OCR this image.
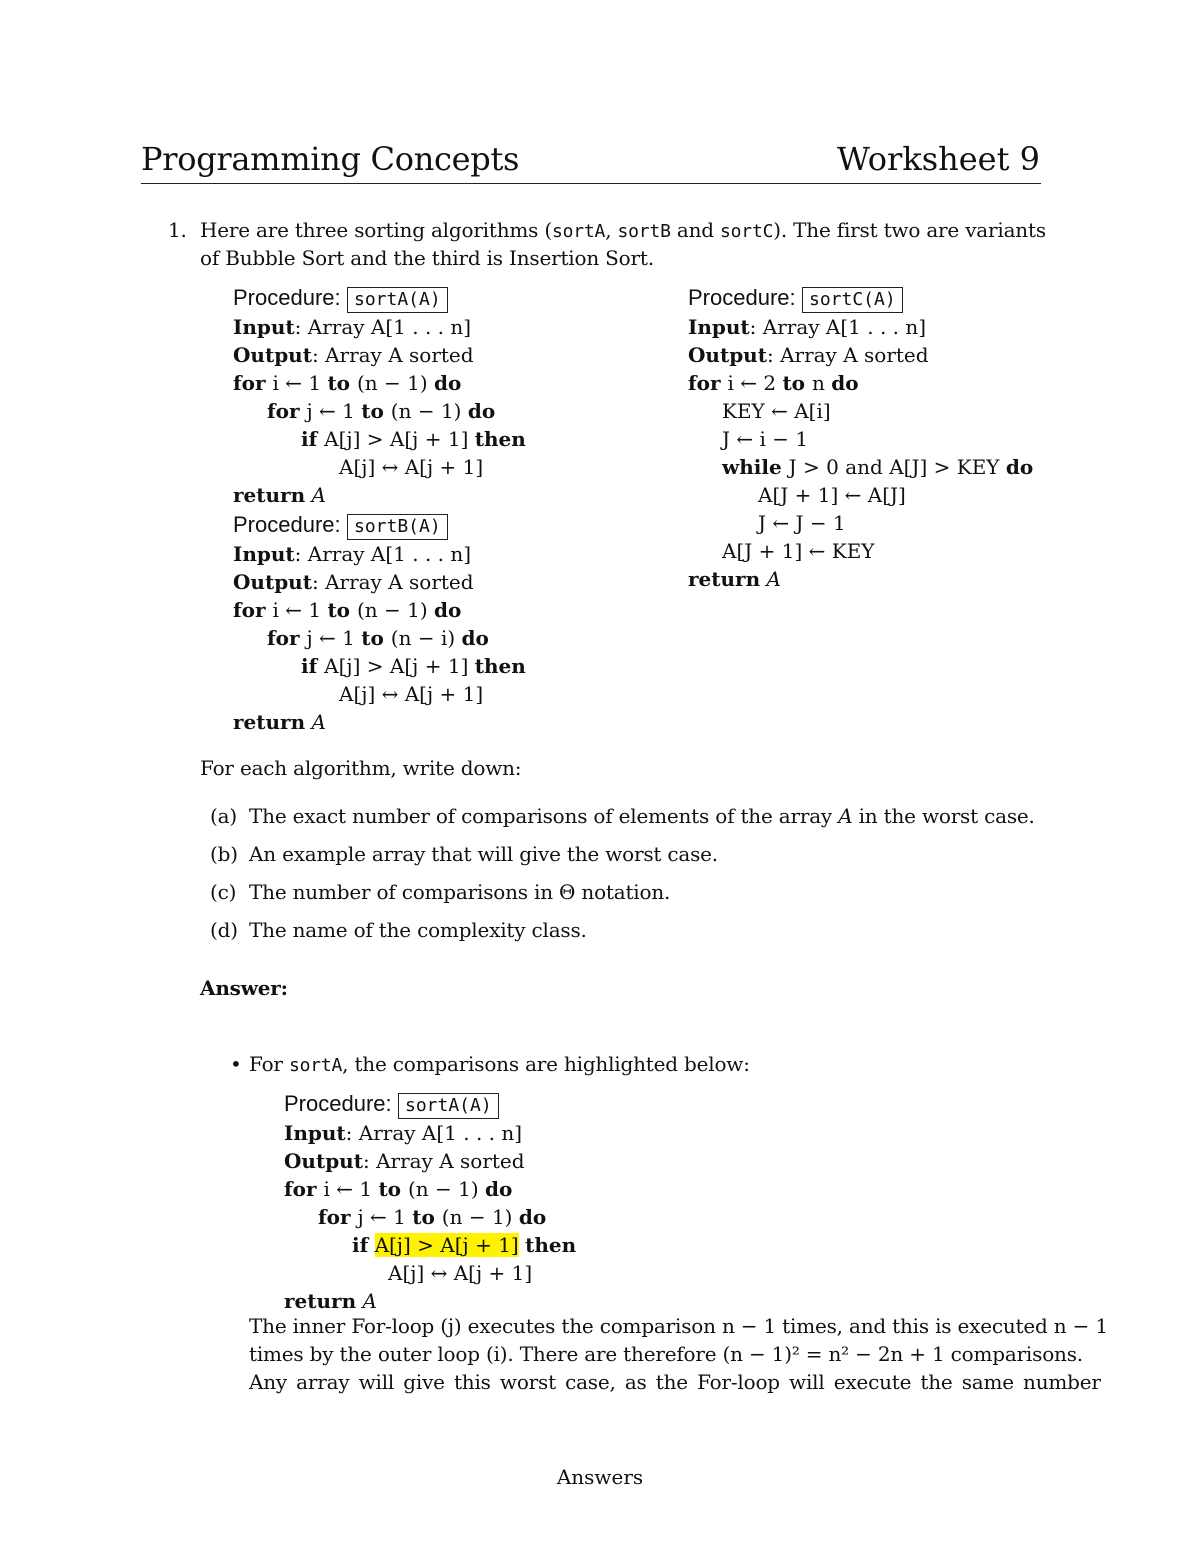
Programming Concepts	Worksheet 9
1. Here are three sorting algorithms (sortA, sortB and sortC). The first two are variants
of Bubble Sort and the third is Insertion Sort.
Procedure: sortA(A)
Input: Array A[1 . . . n]
Output: Array A sorted
for i ← 1 to (n − 1) do
for j ← 1 to (n − 1) do
if A[j] > A[j + 1] then
A[j] ↔ A[j + 1]
return A
Procedure: sortB(A)
Input: Array A[1 . . . n]
Output: Array A sorted
for i ← 1 to (n − 1) do
for j ← 1 to (n − i) do
if A[j] > A[j + 1] then
A[j] ↔ A[j + 1]
return A
Procedure: sortC(A)
Input: Array A[1 . . . n]
Output: Array A sorted
for i ← 2 to n do
KEY ← A[i]
J ← i − 1
while J > 0 and A[J] > KEY do
A[J + 1] ← A[J]
J ← J − 1
A[J + 1] ← KEY
return A
For each algorithm, write down:
(a) The exact number of comparisons of elements of the array A in the worst case.
(b) An example array that will give the worst case.
(c) The number of comparisons in Θ notation.
(d) The name of the complexity class.
Answer:
• For sortA, the comparisons are highlighted below:
Procedure: sortA(A)
Input: Array A[1 . . . n]
Output: Array A sorted
for i ← 1 to (n − 1) do
for j ← 1 to (n − 1) do
if A[j] > A[j + 1] then
A[j] ↔ A[j + 1]
return A
The inner For-loop (j) executes the comparison n − 1 times, and this is executed n − 1
times by the outer loop (i). There are therefore (n − 1)² = n² − 2n + 1 comparisons.
Any array will give this worst case, as the For-loop will execute the same number
Answers
